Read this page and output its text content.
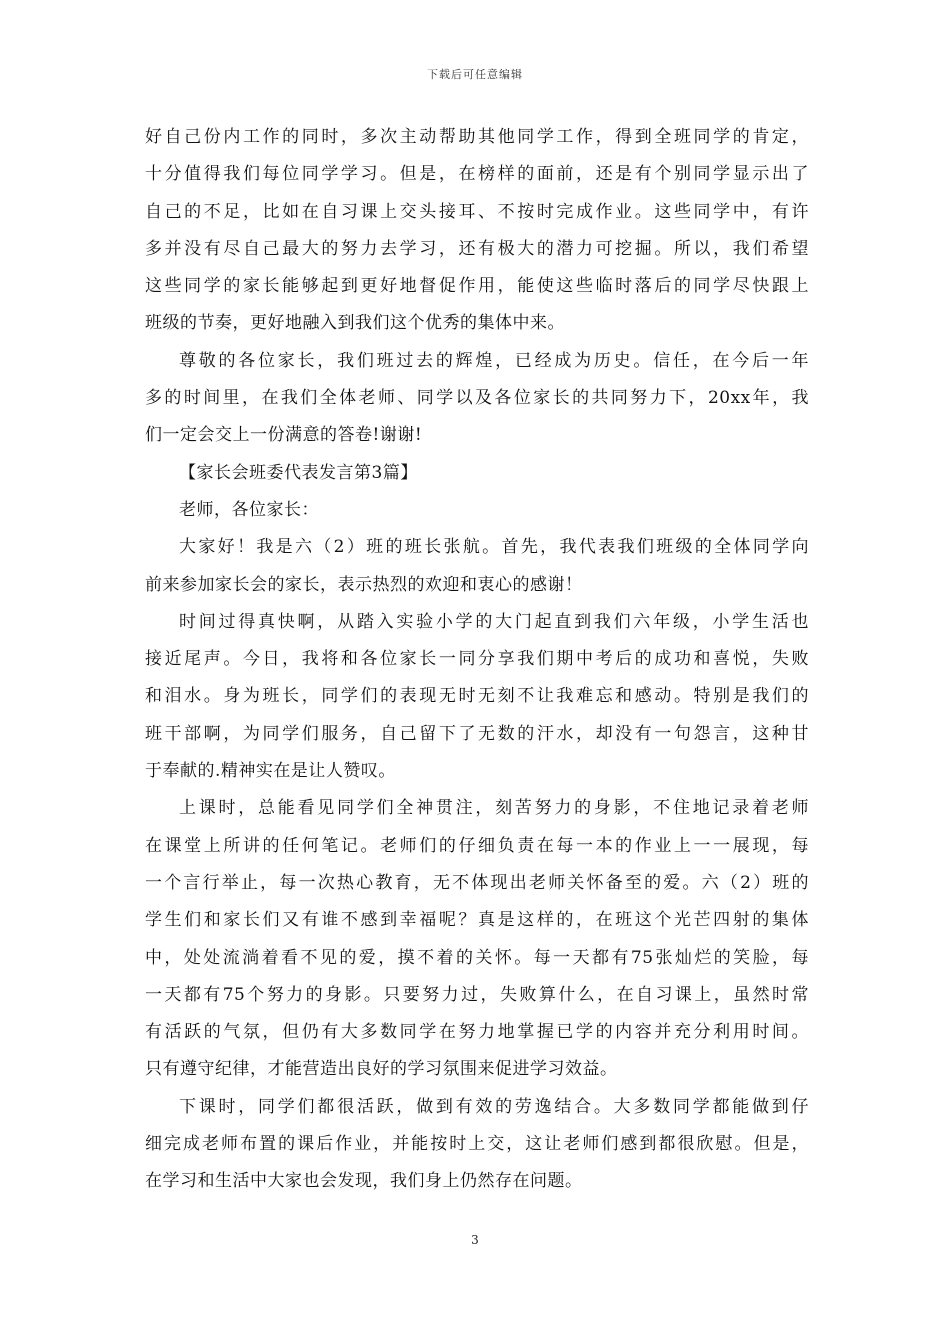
下载后可任意编辑
好自己份内工作的同时，多次主动帮助其他同学工作，得到全班同学的肯定，
十分值得我们每位同学学习。但是，在榜样的面前，还是有个别同学显示出了
自己的不足，比如在自习课上交头接耳、不按时完成作业。这些同学中，有许
多并没有尽自己最大的努力去学习，还有极大的潜力可挖掘。所以，我们希望
这些同学的家长能够起到更好地督促作用，能使这些临时落后的同学尽快跟上
班级的节奏，更好地融入到我们这个优秀的集体中来。
尊敬的各位家长，我们班过去的辉煌，已经成为历史。信任，在今后一年
多的时间里，在我们全体老师、同学以及各位家长的共同努力下，20xx年，我
们一定会交上一份满意的答卷!谢谢!
【家长会班委代表发言第3篇】
老师，各位家长：
大家好！我是六（2）班的班长张航。首先，我代表我们班级的全体同学向
前来参加家长会的家长，表示热烈的欢迎和衷心的感谢！
时间过得真快啊，从踏入实验小学的大门起直到我们六年级，小学生活也
接近尾声。今日，我将和各位家长一同分享我们期中考后的成功和喜悦，失败
和泪水。身为班长，同学们的表现无时无刻不让我难忘和感动。特别是我们的
班干部啊，为同学们服务，自己留下了无数的汗水，却没有一句怨言，这种甘
于奉献的.精神实在是让人赞叹。
上课时，总能看见同学们全神贯注，刻苦努力的身影，不住地记录着老师
在课堂上所讲的任何笔记。老师们的仔细负责在每一本的作业上一一展现，每
一个言行举止，每一次热心教育，无不体现出老师关怀备至的爱。六（2）班的
学生们和家长们又有谁不感到幸福呢？真是这样的，在班这个光芒四射的集体
中，处处流淌着看不见的爱，摸不着的关怀。每一天都有75张灿烂的笑脸，每
一天都有75个努力的身影。只要努力过，失败算什么，在自习课上，虽然时常
有活跃的气氛，但仍有大多数同学在努力地掌握已学的内容并充分利用时间。
只有遵守纪律，才能营造出良好的学习氛围来促进学习效益。
下课时，同学们都很活跃，做到有效的劳逸结合。大多数同学都能做到仔
细完成老师布置的课后作业，并能按时上交，这让老师们感到都很欣慰。但是，
在学习和生活中大家也会发现，我们身上仍然存在问题。
3
